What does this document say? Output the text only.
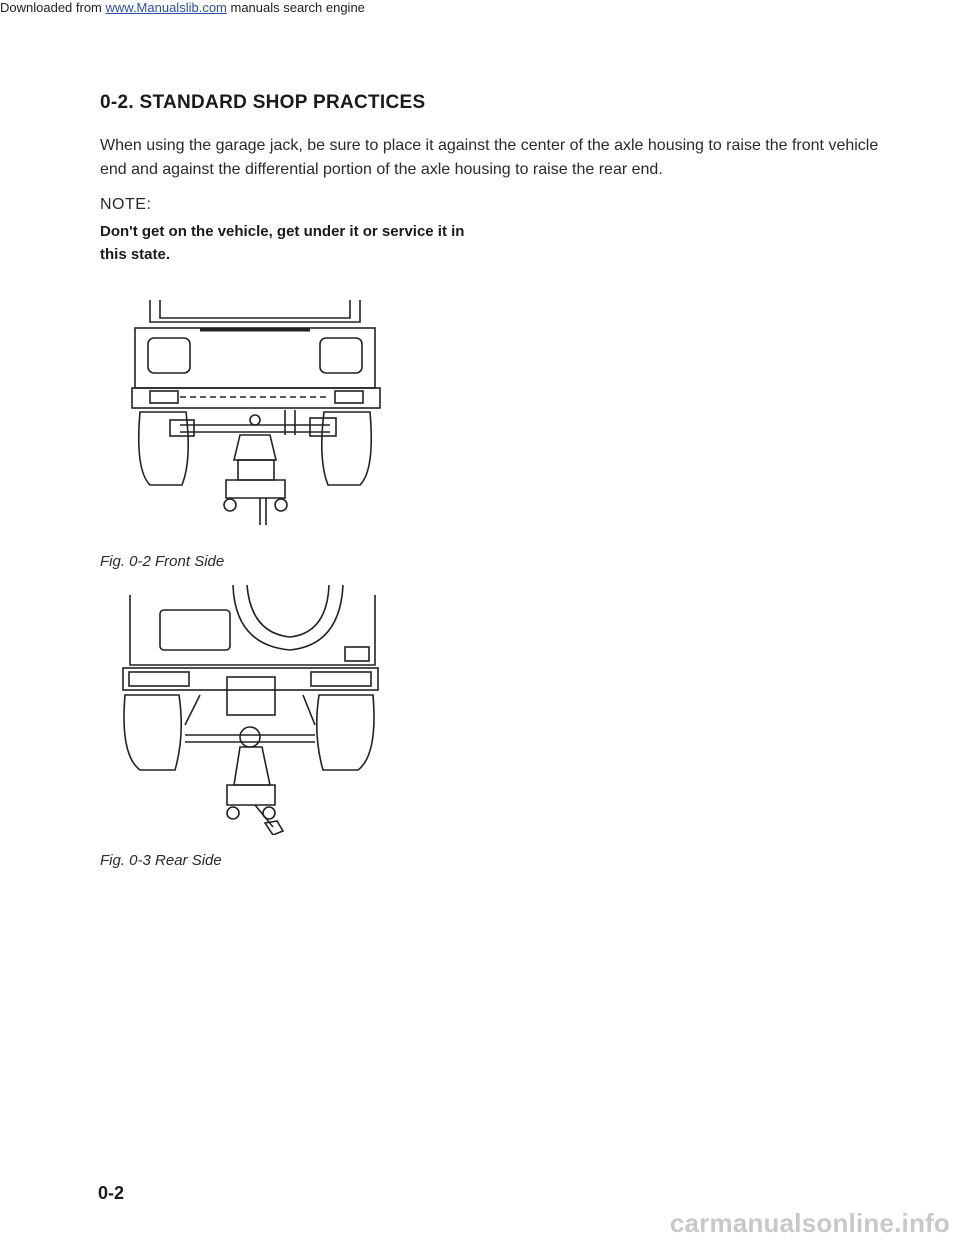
Downloaded from www.Manualslib.com manuals search engine
0-2. STANDARD SHOP PRACTICES
When using the garage jack, be sure to place it against the center of the axle housing to raise the front vehicle end and against the differential portion of the axle housing to raise the rear end.
NOTE:
Don't get on the vehicle, get under it or service it in this state.
Fig. 0-2 Front Side
Fig. 0-3 Rear Side
0-2
carmanualsonline.info
